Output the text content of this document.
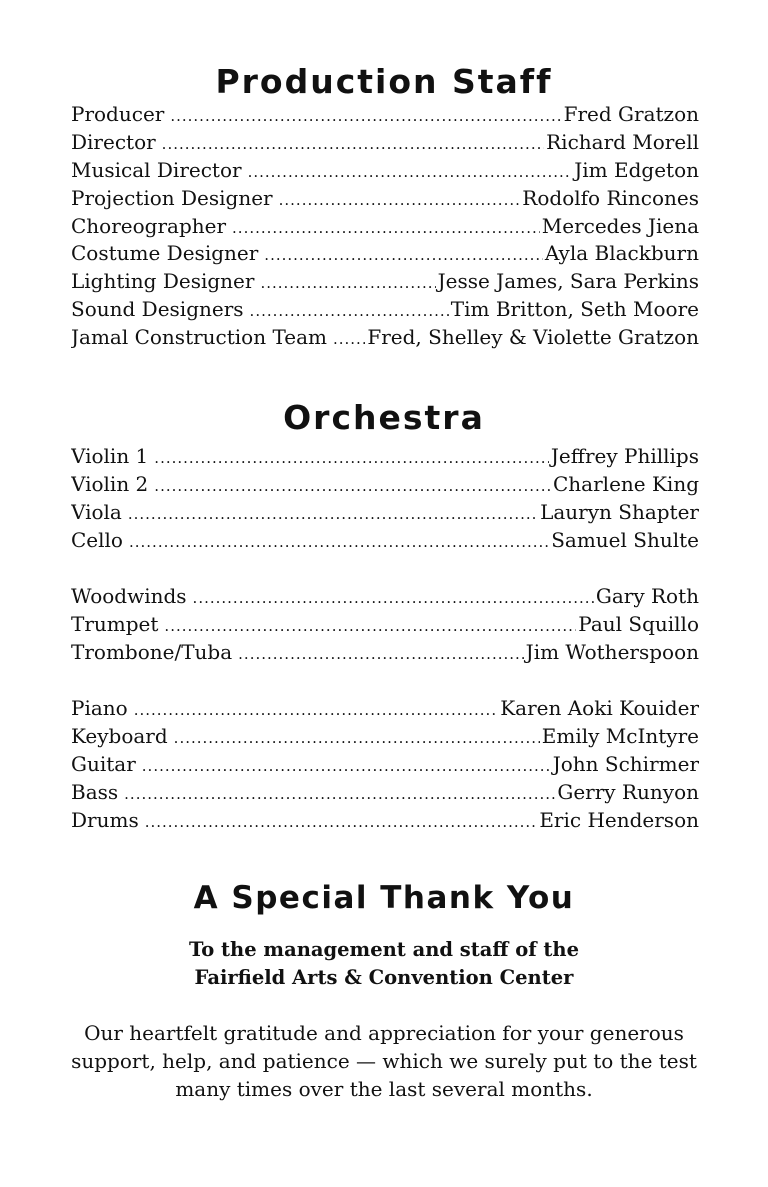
Production Staff
Producer .....	Fred Gratzon
Director .....	Richard Morell
Musical Director .....	Jim Edgeton
Projection Designer .....	Rodolfo Rincones
Choreographer .....	Mercedes Jiena
Costume Designer .....	Ayla Blackburn
Lighting Designer .....	Jesse James, Sara Perkins
Sound Designers .....	Tim Britton, Seth Moore
Jamal Construction Team .....	Fred, Shelley & Violette Gratzon
Orchestra
Violin 1 .....	Jeffrey Phillips
Violin 2 .....	Charlene King
Viola .....	Lauryn Shapter
Cello .....	Samuel Shulte
Woodwinds .....	Gary Roth
Trumpet .....	Paul Squillo
Trombone/Tuba .....	Jim Wotherspoon
Piano .....	Karen Aoki Kouider
Keyboard .....	Emily McIntyre
Guitar .....	John Schirmer
Bass .....	Gerry Runyon
Drums .....	Eric Henderson
A Special Thank You

To the management and staff of the

Fairfield Arts & Convention Center

Our heartfelt gratitude and appreciation for your generous

support, help, and patience — which we surely put to the test

many times over the last several months.
